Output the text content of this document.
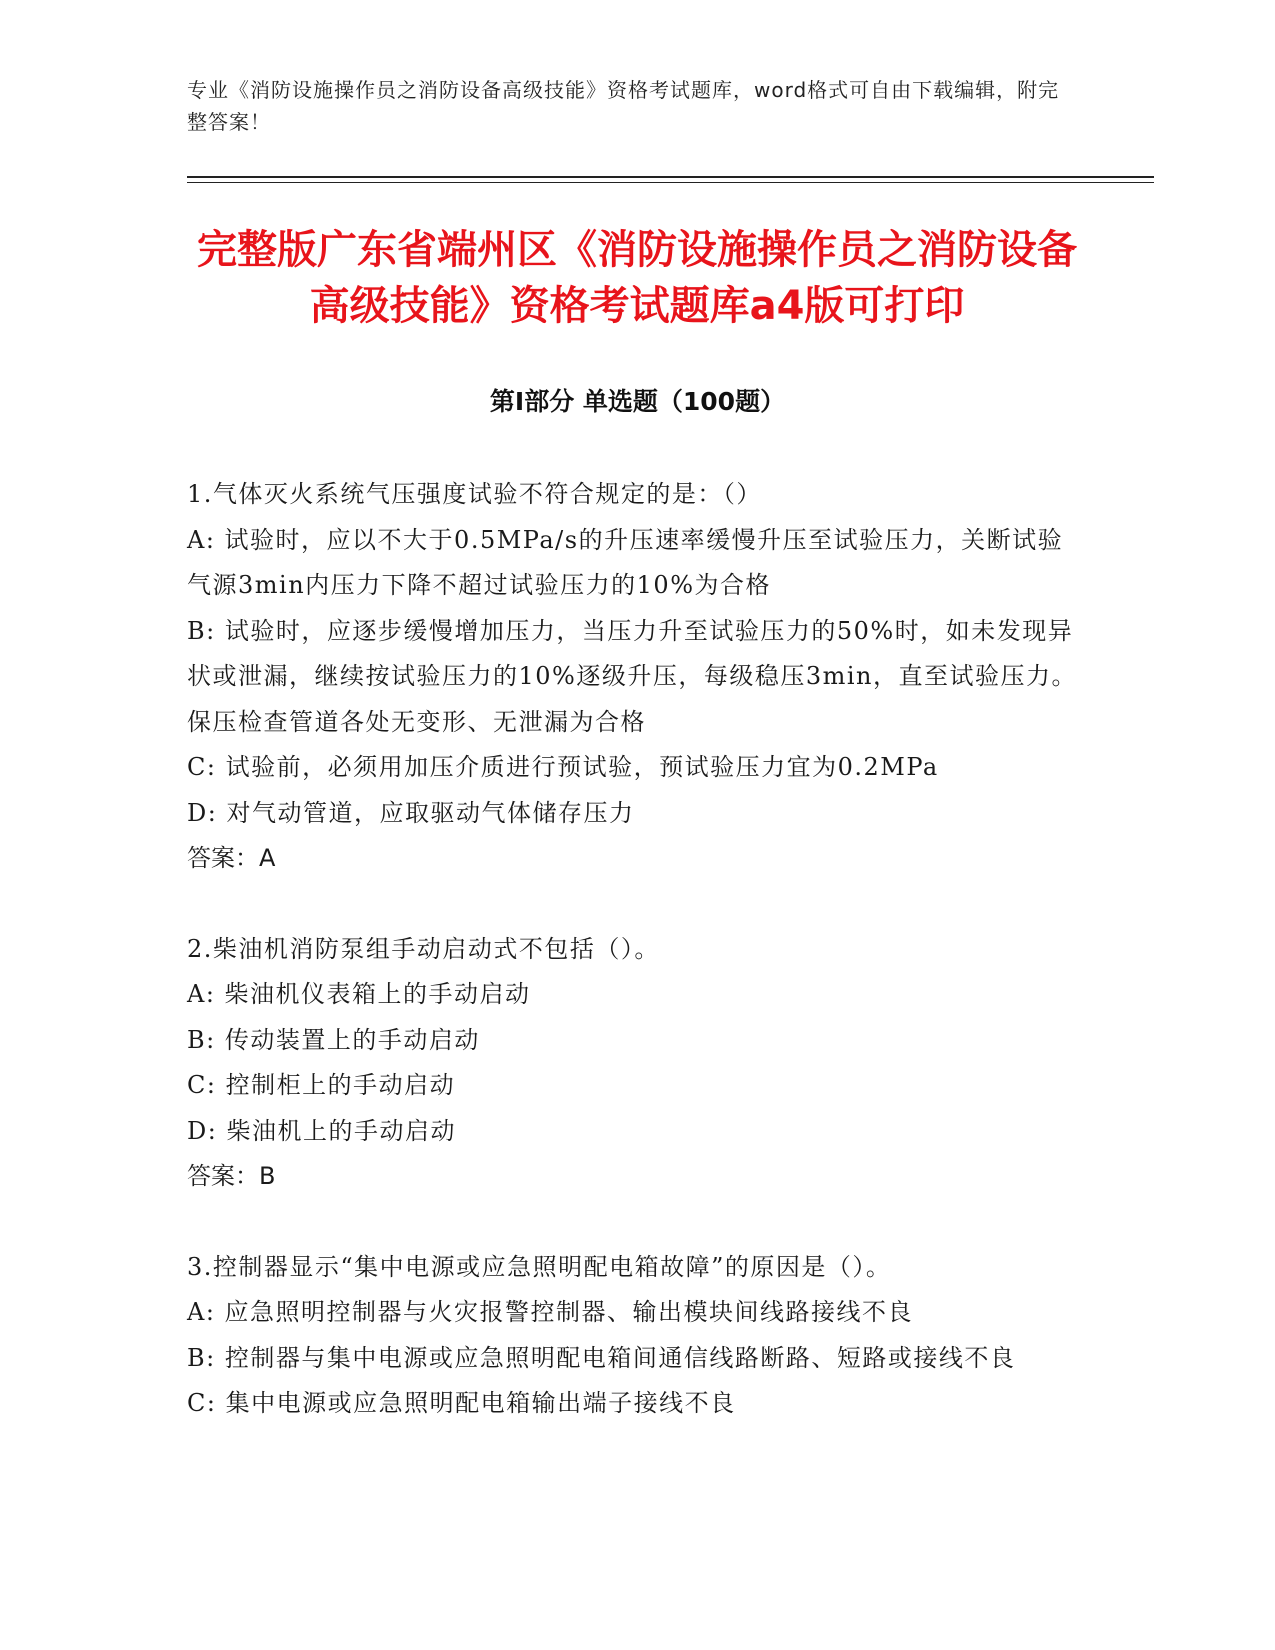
专业《消防设施操作员之消防设备高级技能》资格考试题库，word格式可自由下载编辑，附完整答案！
完整版广东省端州区《消防设施操作员之消防设备高级技能》资格考试题库a4版可打印
第I部分 单选题（100题）
1.气体灭火系统气压强度试验不符合规定的是：（）
A: 试验时，应以不大于0.5MPa/s的升压速率缓慢升压至试验压力，关断试验气源3min内压力下降不超过试验压力的10%为合格
B: 试验时，应逐步缓慢增加压力，当压力升至试验压力的50%时，如未发现异状或泄漏，继续按试验压力的10%逐级升压，每级稳压3min，直至试验压力。保压检查管道各处无变形、无泄漏为合格
C: 试验前，必须用加压介质进行预试验，预试验压力宜为0.2MPa
D: 对气动管道，应取驱动气体储存压力
答案：A
2.柴油机消防泵组手动启动式不包括（）。
A: 柴油机仪表箱上的手动启动
B: 传动装置上的手动启动
C: 控制柜上的手动启动
D: 柴油机上的手动启动
答案：B
3.控制器显示“集中电源或应急照明配电箱故障”的原因是（）。
A: 应急照明控制器与火灾报警控制器、输出模块间线路接线不良
B: 控制器与集中电源或应急照明配电箱间通信线路断路、短路或接线不良
C: 集中电源或应急照明配电箱输出端子接线不良
